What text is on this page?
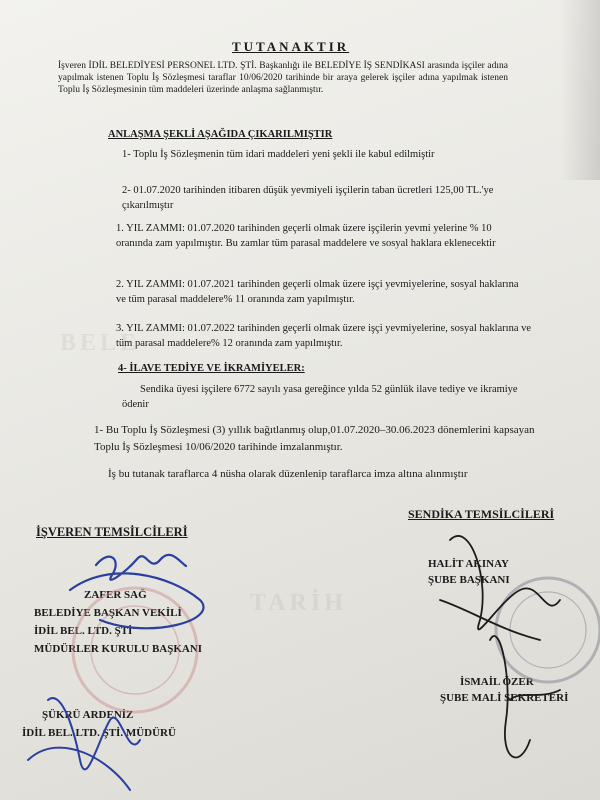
BELE
TARİH
TUTANAKTIR
İşveren İDİL BELEDİYESİ PERSONEL LTD. ŞTİ. Başkanlığı ile BELEDİYE İŞ SENDİKASI arasında işçiler adına yapılmak istenen Toplu İş Sözleşmesi taraflar 10/06/2020 tarihinde bir araya gelerek işçiler adına yapılmak istenen Toplu İş Sözleşmesinin tüm maddeleri üzerinde anlaşma sağlanmıştır.
ANLAŞMA ŞEKLİ AŞAĞIDA ÇIKARILMIŞTIR
1- Toplu İş Sözleşmenin tüm idari maddeleri yeni şekli ile kabul edilmiştir
2- 01.07.2020 tarihinden itibaren düşük yevmiyeli işçilerin taban ücretleri 125,00 TL.'ye çıkarılmıştır
1. YIL ZAMMI: 01.07.2020 tarihinden geçerli olmak üzere işçilerin yevmi yelerine % 10 oranında zam yapılmıştır. Bu zamlar tüm parasal maddelere ve sosyal haklara eklenecektir
2. YIL ZAMMI: 01.07.2021 tarihinden geçerli olmak üzere işçi yevmiyelerine, sosyal haklarına ve tüm parasal maddelere% 11 oranında zam yapılmıştır.
3. YIL ZAMMI: 01.07.2022 tarihinden geçerli olmak üzere işçi yevmiyelerine, sosyal haklarına ve tüm parasal maddelere% 12 oranında zam yapılmıştır.
4- İLAVE TEDİYE VE İKRAMİYELER:
Sendika üyesi işçilere 6772 sayılı yasa gereğince yılda 52 günlük ilave tediye ve ikramiye ödenir
1- Bu Toplu İş Sözleşmesi (3) yıllık bağıtlanmış olup,01.07.2020–30.06.2023 dönemlerini kapsayan Toplu İş Sözleşmesi 10/06/2020 tarihinde imzalanmıştır.
İş bu tutanak taraflarca 4 nüsha olarak düzenlenip taraflarca imza altına alınmıştır
İŞVEREN TEMSİLCİLERİ
SENDİKA TEMSİLCİLERİ
ZAFER SAĞ
BELEDİYE BAŞKAN VEKİLİ
İDİL BEL. LTD. ŞTİ
MÜDÜRLER KURULU BAŞKANI
ŞÜKRÜ ARDENİZ
İDİL BEL. LTD. ŞTİ. MÜDÜRÜ
HALİT AKINAY
ŞUBE BAŞKANI
İSMAİL ÖZER
ŞUBE MALİ SEKRETERİ
